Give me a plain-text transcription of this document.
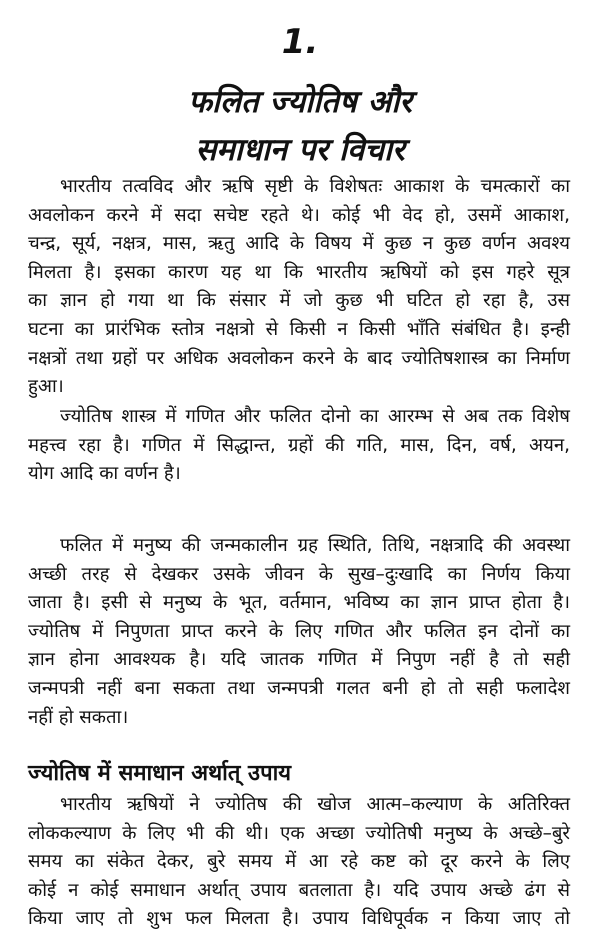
1.
फलित ज्योतिष और
समाधान पर विचार
भारतीय तत्वविद और ऋषि सृष्टी के विशेषतः आकाश के चमत्कारों का
अवलोकन करने में सदा सचेष्ट रहते थे। कोई भी वेद हो, उसमें आकाश,
चन्द्र, सूर्य, नक्षत्र, मास, ऋतु आदि के विषय में कुछ न कुछ वर्णन अवश्य
मिलता है। इसका कारण यह था कि भारतीय ऋषियों को इस गहरे सूत्र
का ज्ञान हो गया था कि संसार में जो कुछ भी घटित हो रहा है, उस
घटना का प्रारंभिक स्तोत्र नक्षत्रो से किसी न किसी भाँति संबंधित है। इन्ही
नक्षत्रों तथा ग्रहों पर अधिक अवलोकन करने के बाद ज्योतिषशास्त्र का निर्माण
हुआ।
ज्योतिष शास्त्र में गणित और फलित दोनो का आरम्भ से अब तक विशेष
महत्त्व रहा है। गणित में सिद्धान्त, ग्रहों की गति, मास, दिन, वर्ष, अयन,
योग आदि का वर्णन है।
फलित में मनुष्य की जन्मकालीन ग्रह स्थिति, तिथि, नक्षत्रादि की अवस्था
अच्छी तरह से देखकर उसके जीवन के सुख–दुःखादि का निर्णय किया
जाता है। इसी से मनुष्य के भूत, वर्तमान, भविष्य का ज्ञान प्राप्त होता है।
ज्योतिष में निपुणता प्राप्त करने के लिए गणित और फलित इन दोनों का
ज्ञान होना आवश्यक है। यदि जातक गणित में निपुण नहीं है तो सही
जन्मपत्री नहीं बना सकता तथा जन्मपत्री गलत बनी हो तो सही फलादेश
नहीं हो सकता।
ज्योतिष में समाधान अर्थात् उपाय
भारतीय ऋषियों ने ज्योतिष की खोज आत्म–कल्याण के अतिरिक्त
लोककल्याण के लिए भी की थी। एक अच्छा ज्योतिषी मनुष्य के अच्छे–बुरे
समय का संकेत देकर, बुरे समय में आ रहे कष्ट को दूर करने के लिए
कोई न कोई समाधान अर्थात् उपाय बतलाता है। यदि उपाय अच्छे ढंग से
किया जाए तो शुभ फल मिलता है। उपाय विधिपूर्वक न किया जाए तो
